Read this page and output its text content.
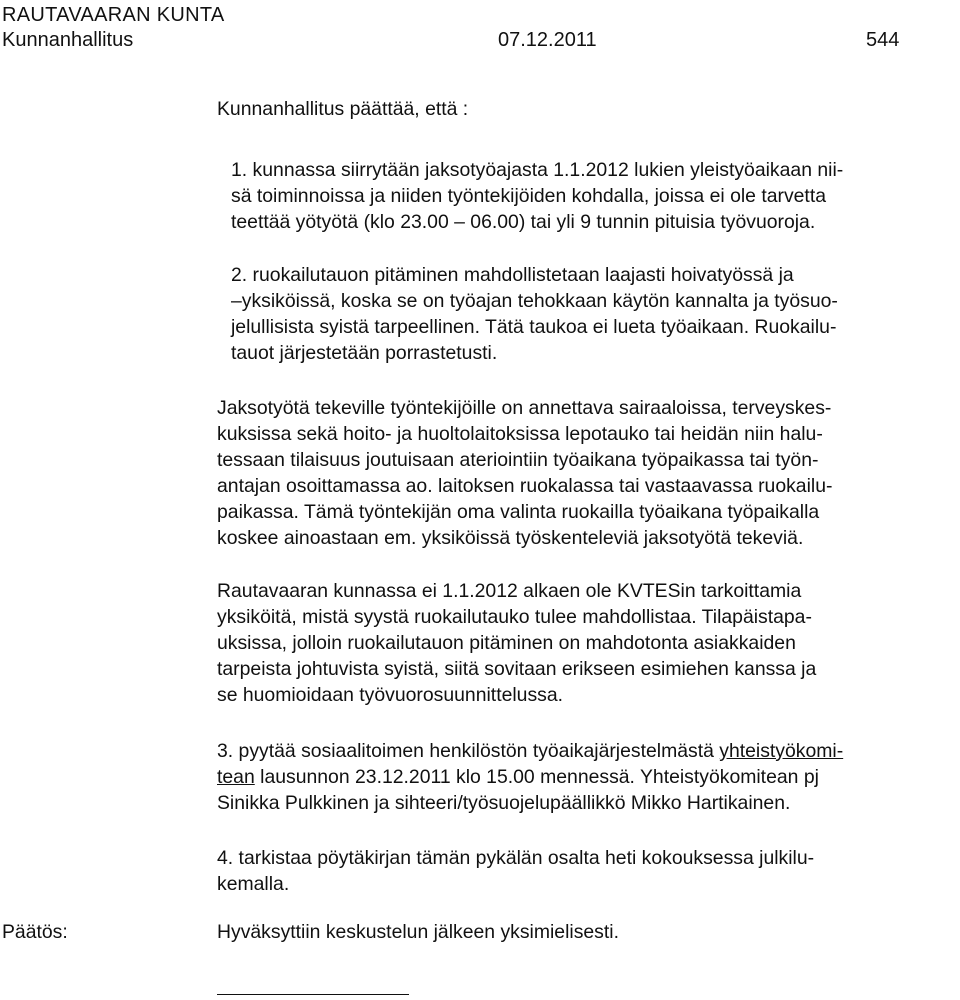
RAUTAVAARAN KUNTA
Kunnanhallitus	07.12.2011	544

Kunnanhallitus päättää, että :

1. kunnassa siirrytään jaksotyöajasta 1.1.2012 lukien yleistyöaikaan nii-

sä toiminnoissa ja niiden työntekijöiden kohdalla, joissa ei ole tarvetta

teettää yötyötä (klo 23.00 – 06.00) tai yli 9 tunnin pituisia työvuoroja.

2. ruokailutauon pitäminen mahdollistetaan laajasti hoivatyössä ja

–yksiköissä, koska se on työajan tehokkaan käytön kannalta ja työsuo-

jelullisista syistä tarpeellinen. Tätä taukoa ei lueta työaikaan. Ruokailu-

tauot järjestetään porrastetusti.

Jaksotyötä tekeville työntekijöille on annettava sairaaloissa, terveyskes-

kuksissa sekä hoito- ja huoltolaitoksissa lepotauko tai heidän niin halu-

tessaan tilaisuus joutuisaan ateriointiin työaikana työpaikassa tai työn-

antajan osoittamassa ao. laitoksen ruokalassa tai vastaavassa ruokailu-

paikassa. Tämä työntekijän oma valinta ruokailla työaikana työpaikalla

koskee ainoastaan em. yksiköissä työskenteleviä jaksotyötä tekeviä.

Rautavaaran kunnassa ei 1.1.2012 alkaen ole KVTESin tarkoittamia

yksiköitä, mistä syystä ruokailutauko tulee mahdollistaa. Tilapäistapa-

uksissa, jolloin ruokailutauon pitäminen on mahdotonta asiakkaiden

tarpeista johtuvista syistä, siitä sovitaan erikseen esimiehen kanssa ja

se huomioidaan työvuorosuunnittelussa.

3. pyytää sosiaalitoimen henkilöstön työaikajärjestelmästä yhteistyökomi-

tean lausunnon 23.12.2011 klo 15.00 mennessä. Yhteistyökomitean pj

Sinikka Pulkkinen ja sihteeri/työsuojelupäällikkö Mikko Hartikainen.

4. tarkistaa pöytäkirjan tämän pykälän osalta heti kokouksessa julkilu-

kemalla.

Päätös:	Hyväksyttiin keskustelun jälkeen yksimielisesti.
